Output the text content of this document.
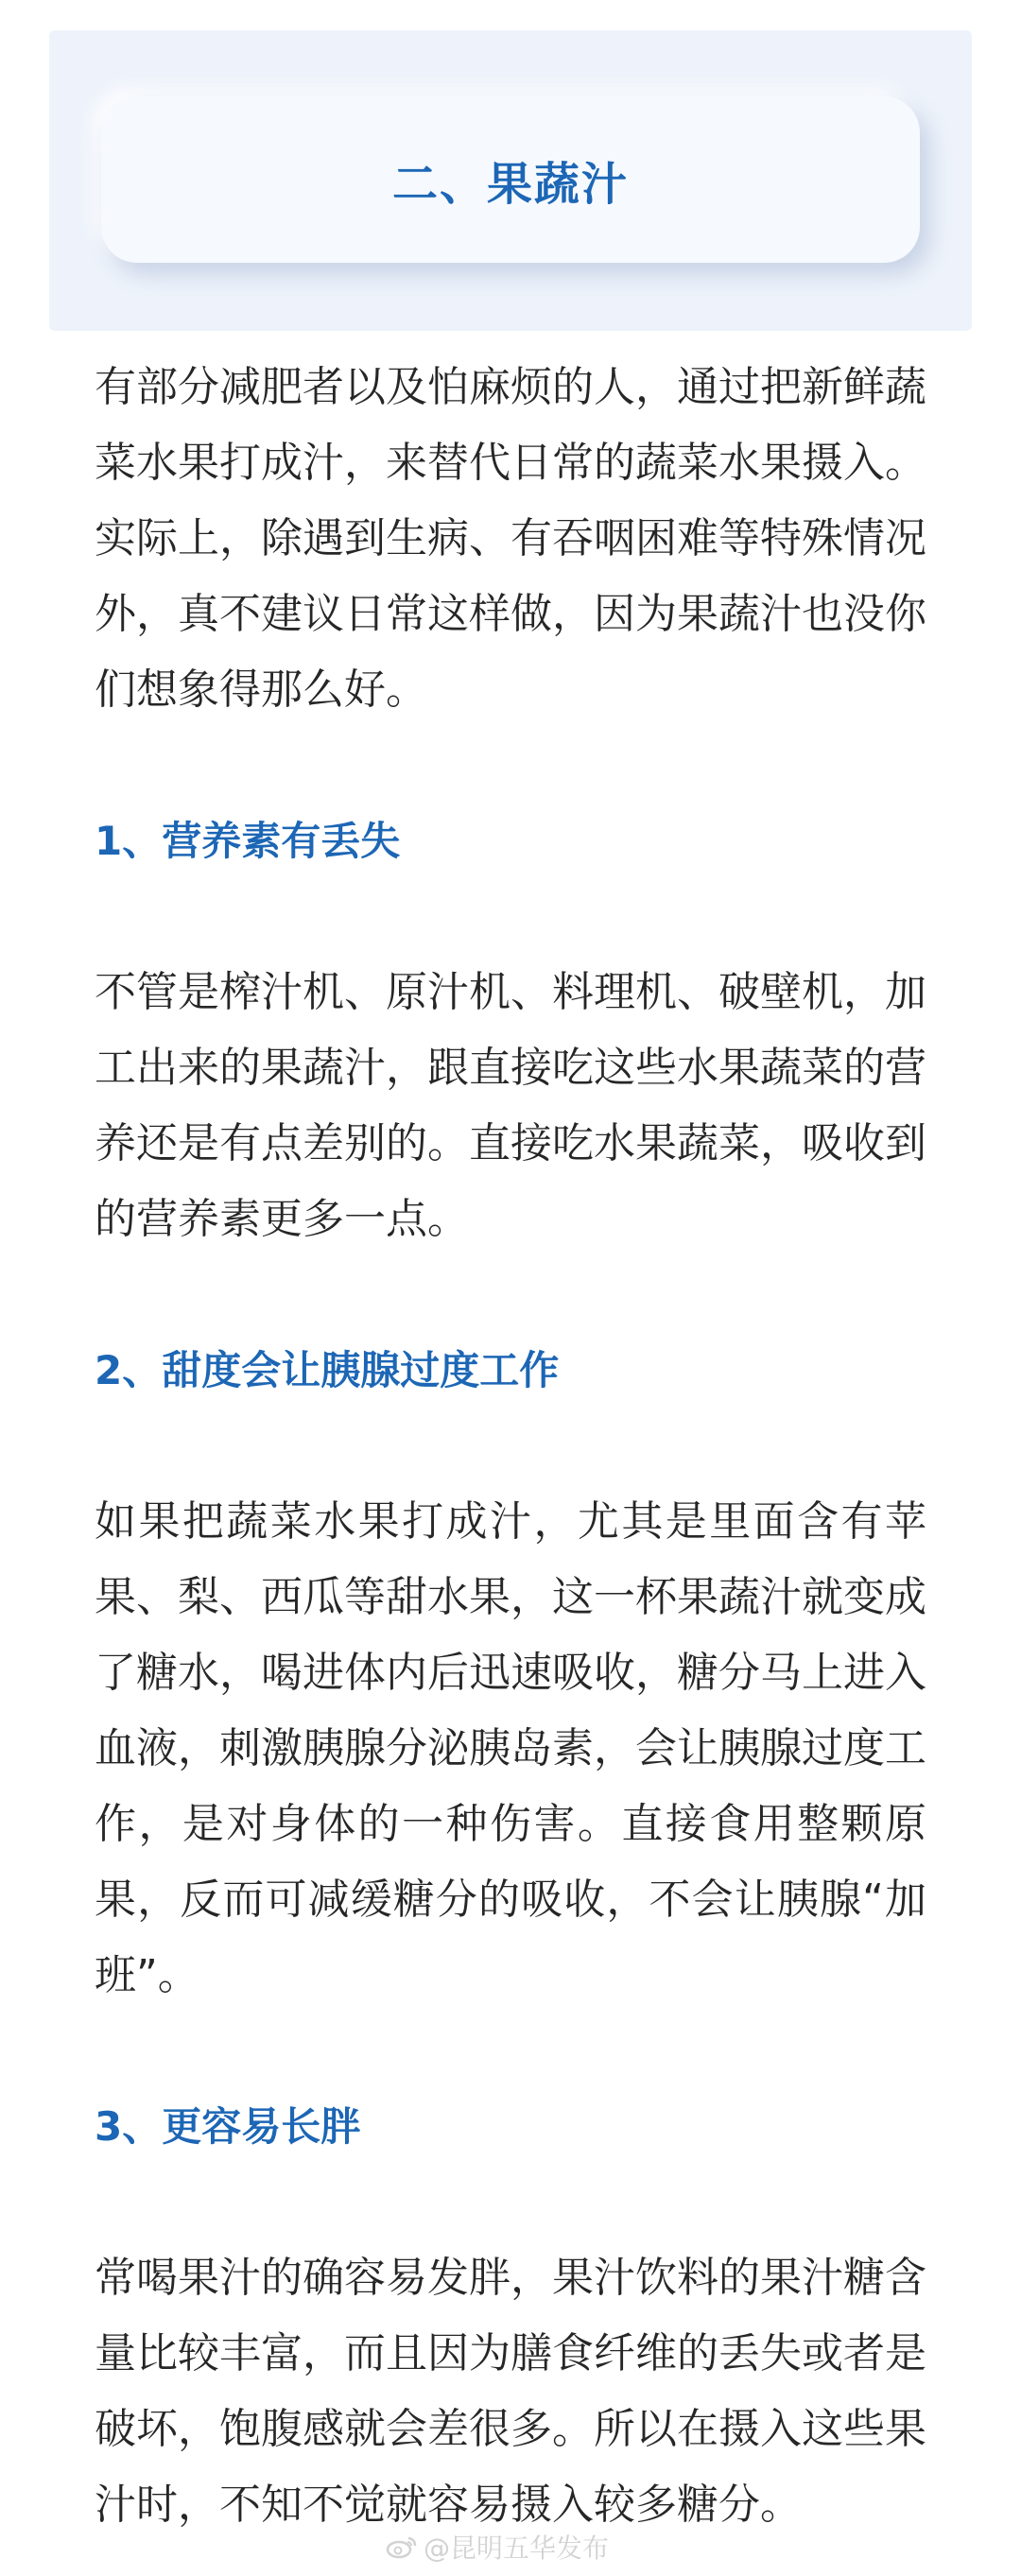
二、果蔬汁

有部分减肥者以及怕麻烦的人，通过把新鲜蔬菜水果打成汁，来替代日常的蔬菜水果摄入。实际上，除遇到生病、有吞咽困难等特殊情况外，真不建议日常这样做，因为果蔬汁也没你们想象得那么好。

1、营养素有丢失

不管是榨汁机、原汁机、料理机、破壁机，加工出来的果蔬汁，跟直接吃这些水果蔬菜的营养还是有点差别的。直接吃水果蔬菜，吸收到的营养素更多一点。

2、甜度会让胰腺过度工作

如果把蔬菜水果打成汁，尤其是里面含有苹果、梨、西瓜等甜水果，这一杯果蔬汁就变成了糖水，喝进体内后迅速吸收，糖分马上进入血液，刺激胰腺分泌胰岛素，会让胰腺过度工作，是对身体的一种伤害。直接食用整颗原果，反而可减缓糖分的吸收，不会让胰腺“加班”。

3、更容易长胖

常喝果汁的确容易发胖，果汁饮料的果汁糖含量比较丰富，而且因为膳食纤维的丢失或者是破坏，饱腹感就会差很多。所以在摄入这些果汁时，不知不觉就容易摄入较多糖分。

@昆明五华发布
